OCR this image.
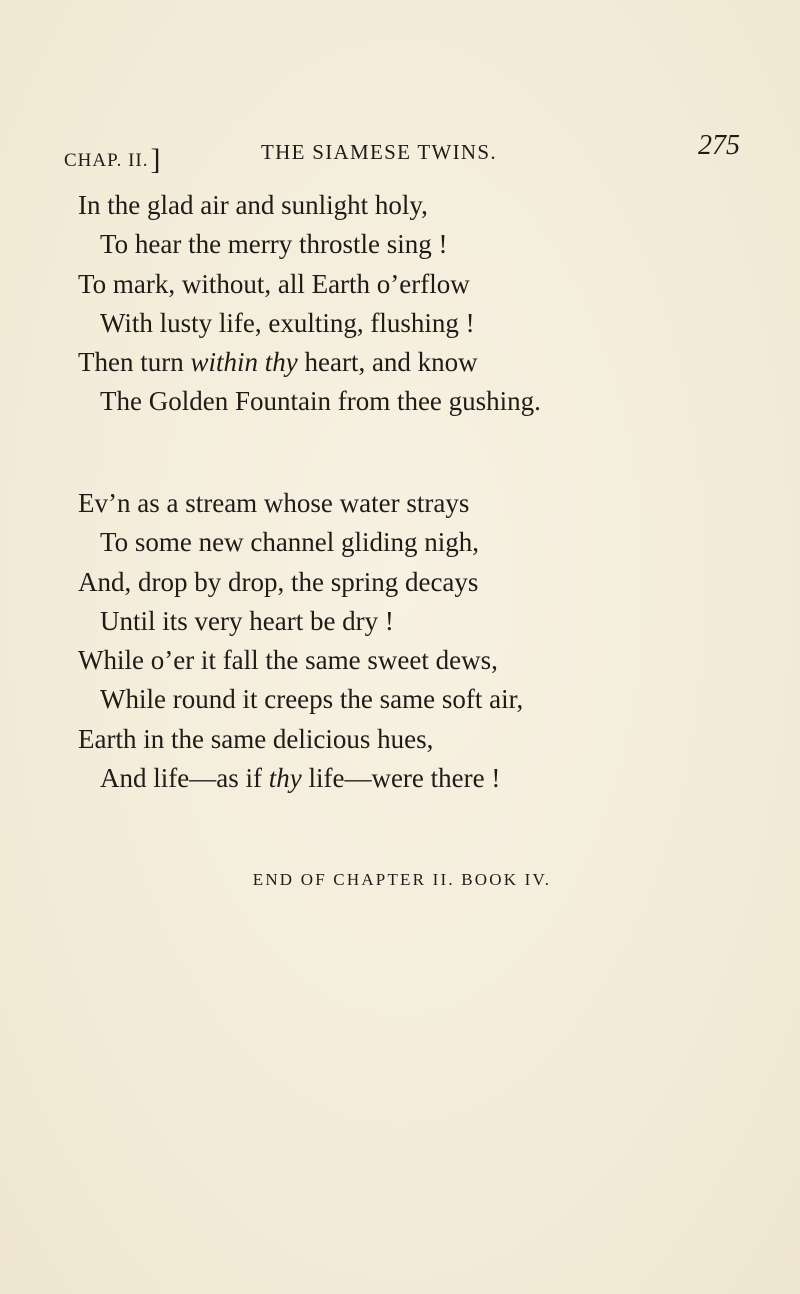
CHAP. II.]	THE SIAMESE TWINS.	275
In the glad air and sunlight holy,
To hear the merry throstle sing !
To mark, without, all Earth o’erflow
With lusty life, exulting, flushing !
Then turn within thy heart, and know
The Golden Fountain from thee gushing.
Ev’n as a stream whose water strays
To some new channel gliding nigh,
And, drop by drop, the spring decays
Until its very heart be dry !
While o’er it fall the same sweet dews,
While round it creeps the same soft air,
Earth in the same delicious hues,
And life—as if thy life—were there !
END OF CHAPTER II. BOOK IV.
